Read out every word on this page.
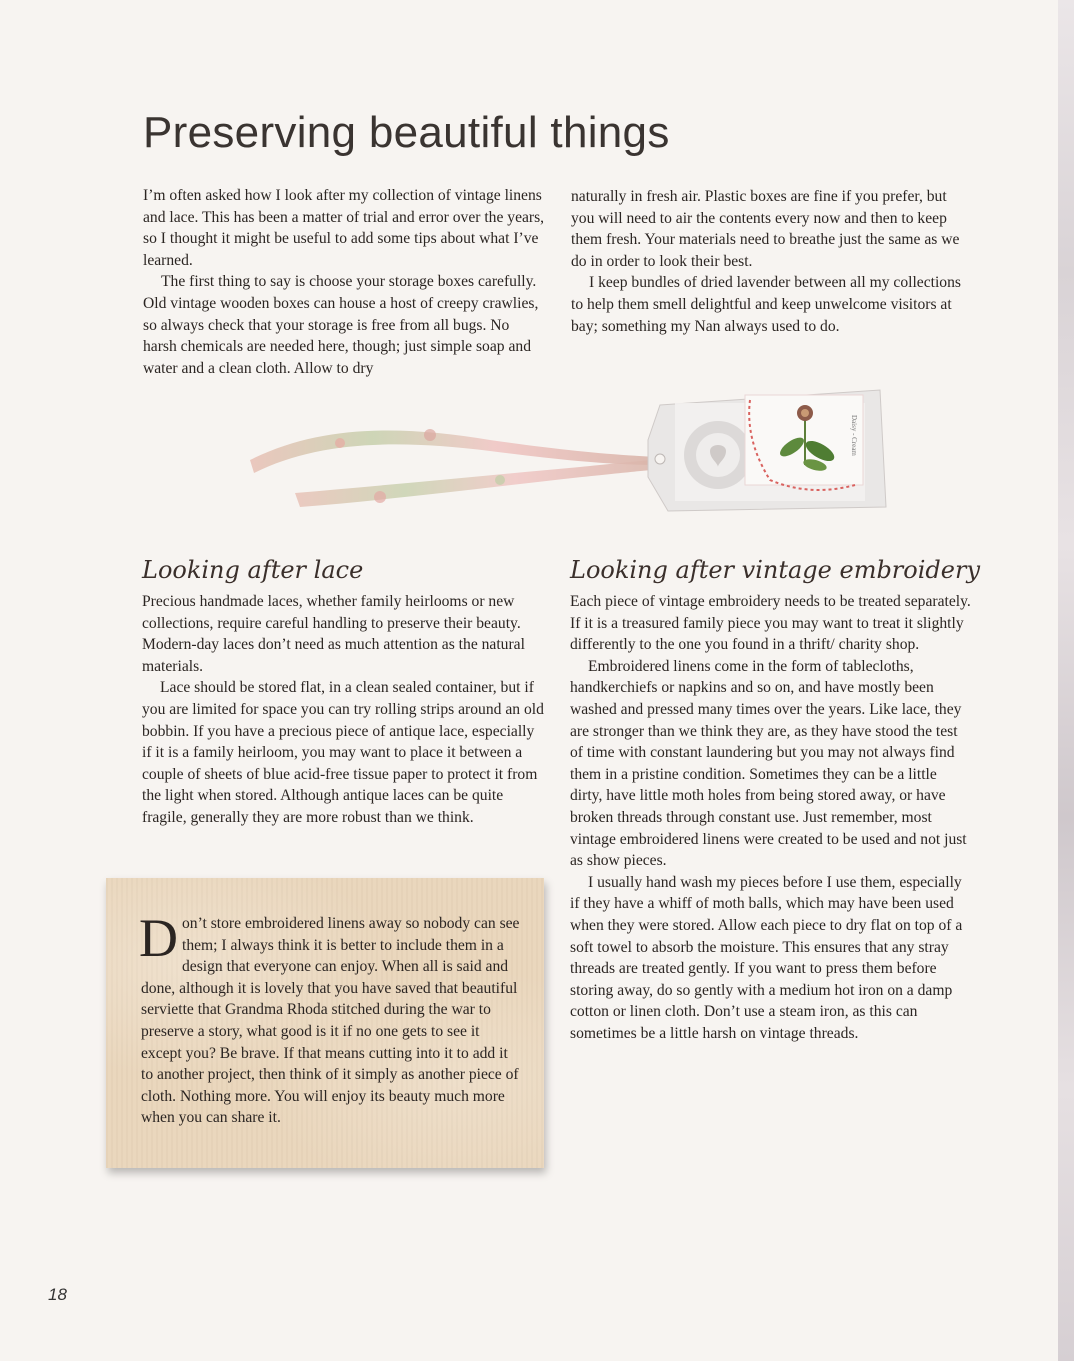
Preserving beautiful things

I’m often asked how I look after my collection of vintage linens and lace. This has been a matter of trial and error over the years, so I thought it might be useful to add some tips about what I’ve learned.

The first thing to say is choose your storage boxes carefully. Old vintage wooden boxes can house a host of creepy crawlies, so always check that your storage is free from all bugs. No harsh chemicals are needed here, though; just simple soap and water and a clean cloth. Allow to dry

naturally in fresh air. Plastic boxes are fine if you prefer, but you will need to air the contents every now and then to keep them fresh. Your materials need to breathe just the same as we do in order to look their best.

I keep bundles of dried lavender between all my collections to help them smell delightful and keep unwelcome visitors at bay; something my Nan always used to do.

Daisy - Cream
Looking after lace

Precious handmade laces, whether family heirlooms or new collections, require careful handling to preserve their beauty. Modern-day laces don’t need as much attention as the natural materials.

Lace should be stored flat, in a clean sealed container, but if you are limited for space you can try rolling strips around an old bobbin. If you have a precious piece of antique lace, especially if it is a family heirloom, you may want to place it between a couple of sheets of blue acid-free tissue paper to protect it from the light when stored. Although antique laces can be quite fragile, generally they are more robust than we think.

Looking after vintage embroidery

Each piece of vintage embroidery needs to be treated separately. If it is a treasured family piece you may want to treat it slightly differently to the one you found in a thrift/ charity shop.

Embroidered linens come in the form of tablecloths, handkerchiefs or napkins and so on, and have mostly been washed and pressed many times over the years. Like lace, they are stronger than we think they are, as they have stood the test of time with constant laundering but you may not always find them in a pristine condition. Sometimes they can be a little dirty, have little moth holes from being stored away, or have broken threads through constant use. Just remember, most vintage embroidered linens were created to be used and not just as show pieces.

I usually hand wash my pieces before I use them, especially if they have a whiff of moth balls, which may have been used when they were stored. Allow each piece to dry flat on top of a soft towel to absorb the moisture. This ensures that any stray threads are treated gently. If you want to press them before storing away, do so gently with a medium hot iron on a damp cotton or linen cloth. Don’t use a steam iron, as this can sometimes be a little harsh on vintage threads.

Don’t store embroidered linens away so nobody can see them; I always think it is better to include them in a design that everyone can enjoy. When all is said and done, although it is lovely that you have saved that beautiful serviette that Grandma Rhoda stitched during the war to preserve a story, what good is it if no one gets to see it except you? Be brave. If that means cutting into it to add it to another project, then think of it simply as another piece of cloth. Nothing more. You will enjoy its beauty much more when you can share it.

18
